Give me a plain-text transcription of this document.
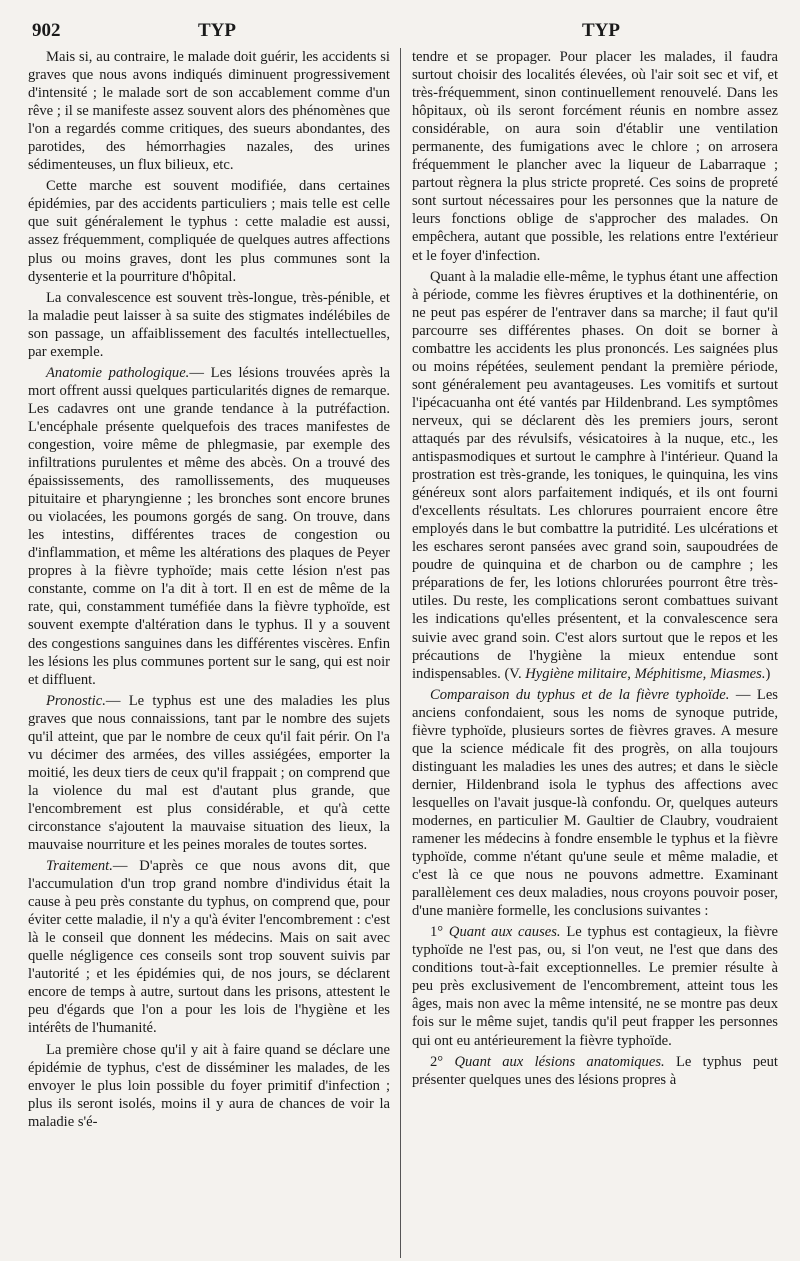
902	TYP	TYP

Mais si, au contraire, le malade doit guérir, les accidents si graves que nous avons indiqués diminuent progressivement d'intensité ; le malade sort de son accablement comme d'un rêve ; il se manifeste assez souvent alors des phénomènes que l'on a regardés comme critiques, des sueurs abondantes, des parotides, des hémorrhagies nazales, des urines sédimenteuses, un flux bilieux, etc.

Cette marche est souvent modifiée, dans certaines épidémies, par des accidents particuliers ; mais telle est celle que suit généralement le typhus : cette maladie est aussi, assez fréquemment, compliquée de quelques autres affections plus ou moins graves, dont les plus communes sont la dysenterie et la pourriture d'hôpital.

La convalescence est souvent très-longue, très-pénible, et la maladie peut laisser à sa suite des stigmates indélébiles de son passage, un affaiblissement des facultés intellectuelles, par exemple.

Anatomie pathologique.— Les lésions trouvées après la mort offrent aussi quelques particularités dignes de remarque. Les cadavres ont une grande tendance à la putréfaction. L'encéphale présente quelquefois des traces manifestes de congestion, voire même de phlegmasie, par exemple des infiltrations purulentes et même des abcès. On a trouvé des épaississements, des ramollissements, des muqueuses pituitaire et pharyngienne ; les bronches sont encore brunes ou violacées, les poumons gorgés de sang. On trouve, dans les intestins, différentes traces de congestion ou d'inflammation, et même les altérations des plaques de Peyer propres à la fièvre typhoïde; mais cette lésion n'est pas constante, comme on l'a dit à tort. Il en est de même de la rate, qui, constamment tuméfiée dans la fièvre typhoïde, est souvent exempte d'altération dans le typhus. Il y a souvent des congestions sanguines dans les différentes viscères. Enfin les lésions les plus communes portent sur le sang, qui est noir et diffluent.

Pronostic.— Le typhus est une des maladies les plus graves que nous connaissions, tant par le nombre des sujets qu'il atteint, que par le nombre de ceux qu'il fait périr. On l'a vu décimer des armées, des villes assiégées, emporter la moitié, les deux tiers de ceux qu'il frappait ; on comprend que la violence du mal est d'autant plus grande, que l'encombrement est plus considérable, et qu'à cette circonstance s'ajoutent la mauvaise situation des lieux, la mauvaise nourriture et les peines morales de toutes sortes.

Traitement.— D'après ce que nous avons dit, que l'accumulation d'un trop grand nombre d'individus était la cause à peu près constante du typhus, on comprend que, pour éviter cette maladie, il n'y a qu'à éviter l'encombrement : c'est là le conseil que donnent les médecins. Mais on sait avec quelle négligence ces conseils sont trop souvent suivis par l'autorité ; et les épidémies qui, de nos jours, se déclarent encore de temps à autre, surtout dans les prisons, attestent le peu d'égards que l'on a pour les lois de l'hygiène et les intérêts de l'humanité.

La première chose qu'il y ait à faire quand se déclare une épidémie de typhus, c'est de disséminer les malades, de les envoyer le plus loin possible du foyer primitif d'infection ; plus ils seront isolés, moins il y aura de chances de voir la maladie s'é-

tendre et se propager. Pour placer les malades, il faudra surtout choisir des localités élevées, où l'air soit sec et vif, et très-fréquemment, sinon continuellement renouvelé. Dans les hôpitaux, où ils seront forcément réunis en nombre assez considérable, on aura soin d'établir une ventilation permanente, des fumigations avec le chlore ; on arrosera fréquemment le plancher avec la liqueur de Labarraque ; partout règnera la plus stricte propreté. Ces soins de propreté sont surtout nécessaires pour les personnes que la nature de leurs fonctions oblige de s'approcher des malades. On empêchera, autant que possible, les relations entre l'extérieur et le foyer d'infection.

Quant à la maladie elle-même, le typhus étant une affection à période, comme les fièvres éruptives et la dothinentérie, on ne peut pas espérer de l'entraver dans sa marche; il faut qu'il parcourre ses différentes phases. On doit se borner à combattre les accidents les plus prononcés. Les saignées plus ou moins répétées, seulement pendant la première période, sont généralement peu avantageuses. Les vomitifs et surtout l'ipécacuanha ont été vantés par Hildenbrand. Les symptômes nerveux, qui se déclarent dès les premiers jours, seront attaqués par des révulsifs, vésicatoires à la nuque, etc., les antispasmodiques et surtout le camphre à l'intérieur. Quand la prostration est très-grande, les toniques, le quinquina, les vins généreux sont alors parfaitement indiqués, et ils ont fourni d'excellents résultats. Les chlorures pourraient encore être employés dans le but combattre la putridité. Les ulcérations et les eschares seront pansées avec grand soin, saupoudrées de poudre de quinquina et de charbon ou de camphre ; les préparations de fer, les lotions chlorurées pourront être très-utiles. Du reste, les complications seront combattues suivant les indications qu'elles présentent, et la convalescence sera suivie avec grand soin. C'est alors surtout que le repos et les précautions de l'hygiène la mieux entendue sont indispensables. (V. Hygiène militaire, Méphitisme, Miasmes.)

Comparaison du typhus et de la fièvre typhoïde. — Les anciens confondaient, sous les noms de synoque putride, fièvre typhoïde, plusieurs sortes de fièvres graves. A mesure que la science médicale fit des progrès, on alla toujours distinguant les maladies les unes des autres; et dans le siècle dernier, Hildenbrand isola le typhus des affections avec lesquelles on l'avait jusque-là confondu. Or, quelques auteurs modernes, en particulier M. Gaultier de Claubry, voudraient ramener les médecins à fondre ensemble le typhus et la fièvre typhoïde, comme n'étant qu'une seule et même maladie, et c'est là ce que nous ne pouvons admettre. Examinant parallèlement ces deux maladies, nous croyons pouvoir poser, d'une manière formelle, les conclusions suivantes :

1° Quant aux causes. Le typhus est contagieux, la fièvre typhoïde ne l'est pas, ou, si l'on veut, ne l'est que dans des conditions tout-à-fait exceptionnelles. Le premier résulte à peu près exclusivement de l'encombrement, atteint tous les âges, mais non avec la même intensité, ne se montre pas deux fois sur le même sujet, tandis qu'il peut frapper les personnes qui ont eu antérieurement la fièvre typhoïde.

2° Quant aux lésions anatomiques. Le typhus peut présenter quelques unes des lésions propres à
